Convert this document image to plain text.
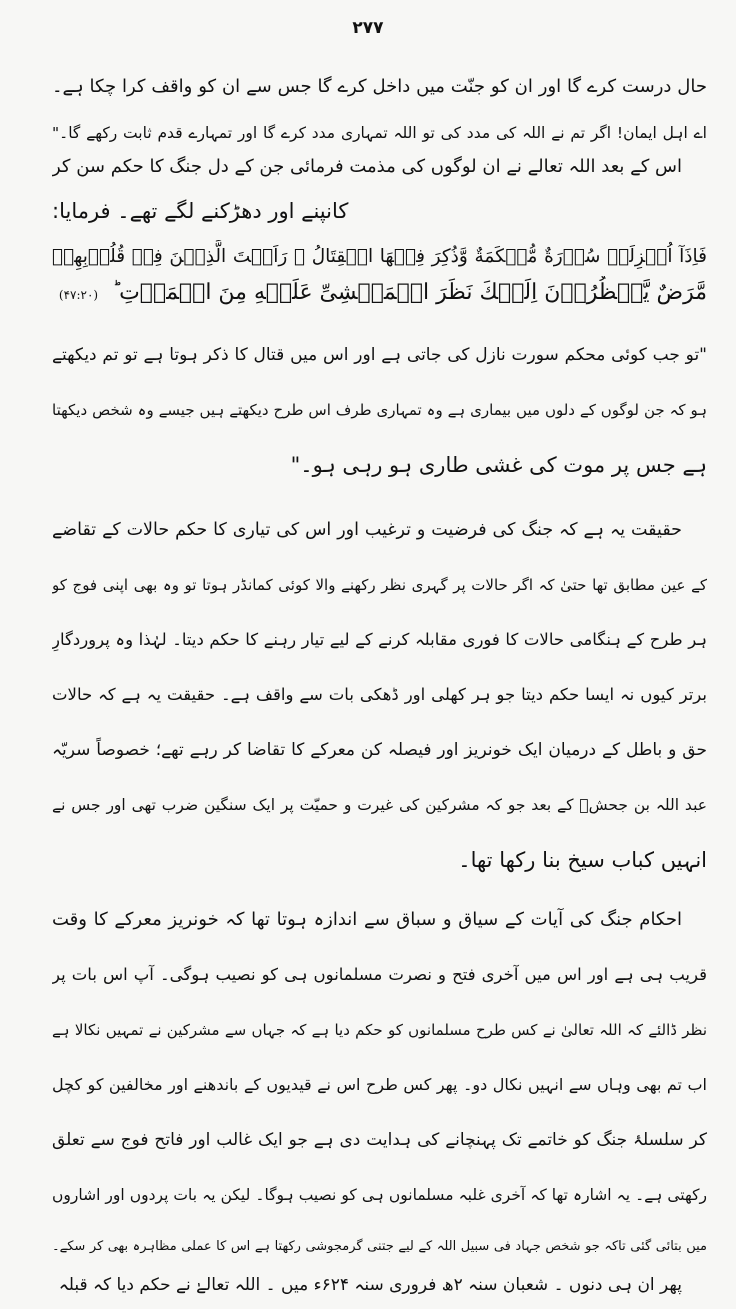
۲۷۷
حال درست کرے گا اور ان کو جنّت میں داخل کرے گا جس سے ان کو واقف کرا چکا ہے۔
اے اہل ایمان! اگر تم نے اللہ کی مدد کی تو اللہ تمہاری مدد کرے گا اور تمہارے قدم ثابت رکھے گا۔"
اس کے بعد اللہ تعالے نے ان لوگوں کی مذمت فرمائی جن کے دل جنگ کا حکم سن کر
کانپنے اور دھڑکنے لگے تھے۔ فرمایا:
فَاِذَآ اُنۡزِلَتۡ سُوۡرَةٌ مُّحۡكَمَةٌ وَّذُكِرَ فِيۡهَا الۡقِتَالُ ۙ رَاَيۡتَ الَّذِيۡنَ فِىۡ قُلُوۡبِهِمۡ
مَّرَضٌ يَّنۡظُرُوۡنَ اِلَيۡكَ نَظَرَ الۡمَغۡشِىِّ عَلَيۡهِ مِنَ الۡمَوۡتِ ؕ(۴۷:۲۰)
"تو جب کوئی محکم سورت نازل کی جاتی ہے اور اس میں قتال کا ذکر ہوتا ہے تو تم دیکھتے
ہو کہ جن لوگوں کے دلوں میں بیماری ہے وہ تمہاری طرف اس طرح دیکھتے ہیں جیسے وہ شخص دیکھتا
ہے جس پر موت کی غشی طاری ہو رہی ہو۔"
حقیقت یہ ہے کہ جنگ کی فرضیت و ترغیب اور اس کی تیاری کا حکم حالات کے تقاضے
کے عین مطابق تھا حتیٰ کہ اگر حالات پر گہری نظر رکھنے والا کوئی کمانڈر ہوتا تو وہ بھی اپنی فوج کو
ہر طرح کے ہنگامی حالات کا فوری مقابلہ کرنے کے لیے تیار رہنے کا حکم دیتا۔ لہٰذا وہ پروردگارِ
برتر کیوں نہ ایسا حکم دیتا جو ہر کھلی اور ڈھکی بات سے واقف ہے۔ حقیقت یہ ہے کہ حالات
حق و باطل کے درمیان ایک خونریز اور فیصلہ کن معرکے کا تقاضا کر رہے تھے؛ خصوصاً سریّہ
عبد اللہ بن جحشؓ کے بعد جو کہ مشرکین کی غیرت و حمیّت پر ایک سنگین ضرب تھی اور جس نے
انہیں کباب سیخ بنا رکھا تھا۔
احکام جنگ کی آیات کے سیاق و سباق سے اندازہ ہوتا تھا کہ خونریز معرکے کا وقت
قریب ہی ہے اور اس میں آخری فتح و نصرت مسلمانوں ہی کو نصیب ہوگی۔ آپ اس بات پر
نظر ڈالئے کہ اللہ تعالیٰ نے کس طرح مسلمانوں کو حکم دیا ہے کہ جہاں سے مشرکین نے تمہیں نکالا ہے
اب تم بھی وہاں سے انہیں نکال دو۔ پھر کس طرح اس نے قیدیوں کے باندھنے اور مخالفین کو کچل
کر سلسلۂ جنگ کو خاتمے تک پہنچانے کی ہدایت دی ہے جو ایک غالب اور فاتح فوج سے تعلق
رکھتی ہے۔ یہ اشارہ تھا کہ آخری غلبہ مسلمانوں ہی کو نصیب ہوگا۔ لیکن یہ بات پردوں اور اشاروں
میں بتائی گئی تاکہ جو شخص جہاد فی سبیل اللہ کے لیے جتنی گرمجوشی رکھتا ہے اس کا عملی مظاہرہ بھی کر سکے۔
پھر ان ہی دنوں ۔ شعبان سنہ ۲ھ فروری سنہ ۶۲۴ء میں ۔ اللہ تعالےٰ نے حکم دیا کہ قبلہ
